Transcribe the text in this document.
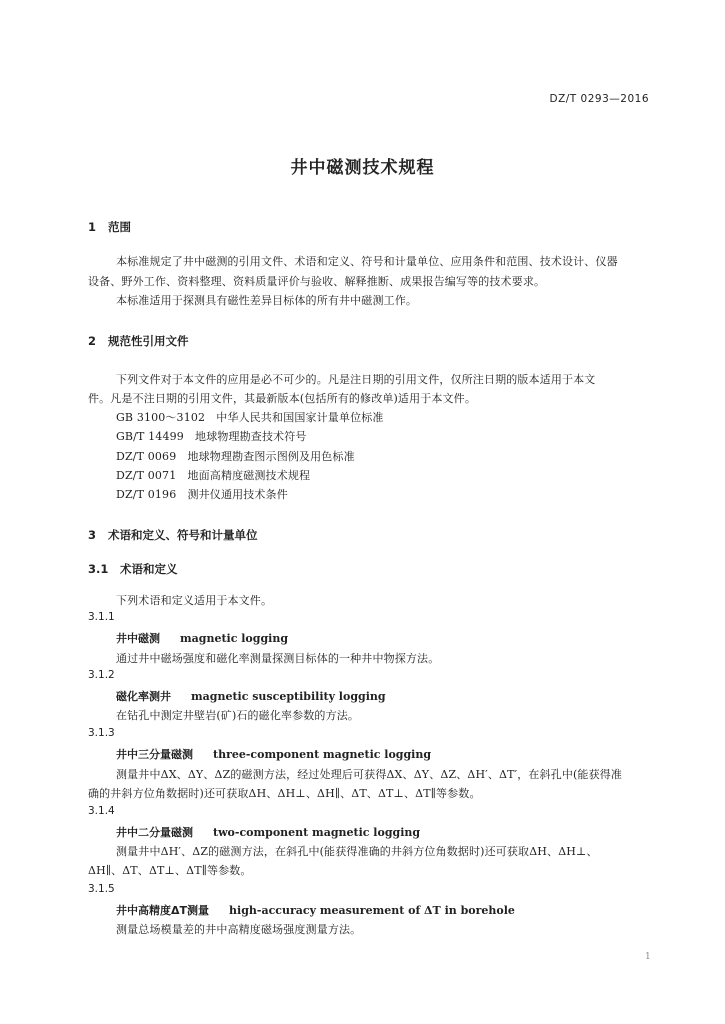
DZ/T 0293—2016
井中磁测技术规程
1 范围
本标准规定了井中磁测的引用文件、术语和定义、符号和计量单位、应用条件和范围、技术设计、仪器
设备、野外工作、资料整理、资料质量评价与验收、解释推断、成果报告编写等的技术要求。
本标准适用于探测具有磁性差异目标体的所有井中磁测工作。
2 规范性引用文件
下列文件对于本文件的应用是必不可少的。凡是注日期的引用文件，仅所注日期的版本适用于本文
件。凡是不注日期的引用文件，其最新版本(包括所有的修改单)适用于本文件。
GB 3100～3102　中华人民共和国国家计量单位标准
GB/T 14499　地球物理勘查技术符号
DZ/T 0069　地球物理勘查图示图例及用色标准
DZ/T 0071　地面高精度磁测技术规程
DZ/T 0196　测井仪通用技术条件
3 术语和定义、符号和计量单位
3.1 术语和定义
下列术语和定义适用于本文件。
3.1.1
井中磁测 magnetic logging
通过井中磁场强度和磁化率测量探测目标体的一种井中物探方法。
3.1.2
磁化率测井 magnetic susceptibility logging
在钻孔中测定井壁岩(矿)石的磁化率参数的方法。
3.1.3
井中三分量磁测 three-component magnetic logging
测量井中ΔX、ΔY、ΔZ的磁测方法，经过处理后可获得ΔX、ΔY、ΔZ、ΔH′、ΔT′，在斜孔中(能获得准
确的井斜方位角数据时)还可获取ΔH、ΔH⊥、ΔH∥、ΔT、ΔT⊥、ΔT∥等参数。
3.1.4
井中二分量磁测 two-component magnetic logging
测量井中ΔH′、ΔZ的磁测方法，在斜孔中(能获得准确的井斜方位角数据时)还可获取ΔH、ΔH⊥、
ΔH∥、ΔT、ΔT⊥、ΔT∥等参数。
3.1.5
井中高精度ΔT测量 high-accuracy measurement of ΔT in borehole
测量总场模量差的井中高精度磁场强度测量方法。
1
